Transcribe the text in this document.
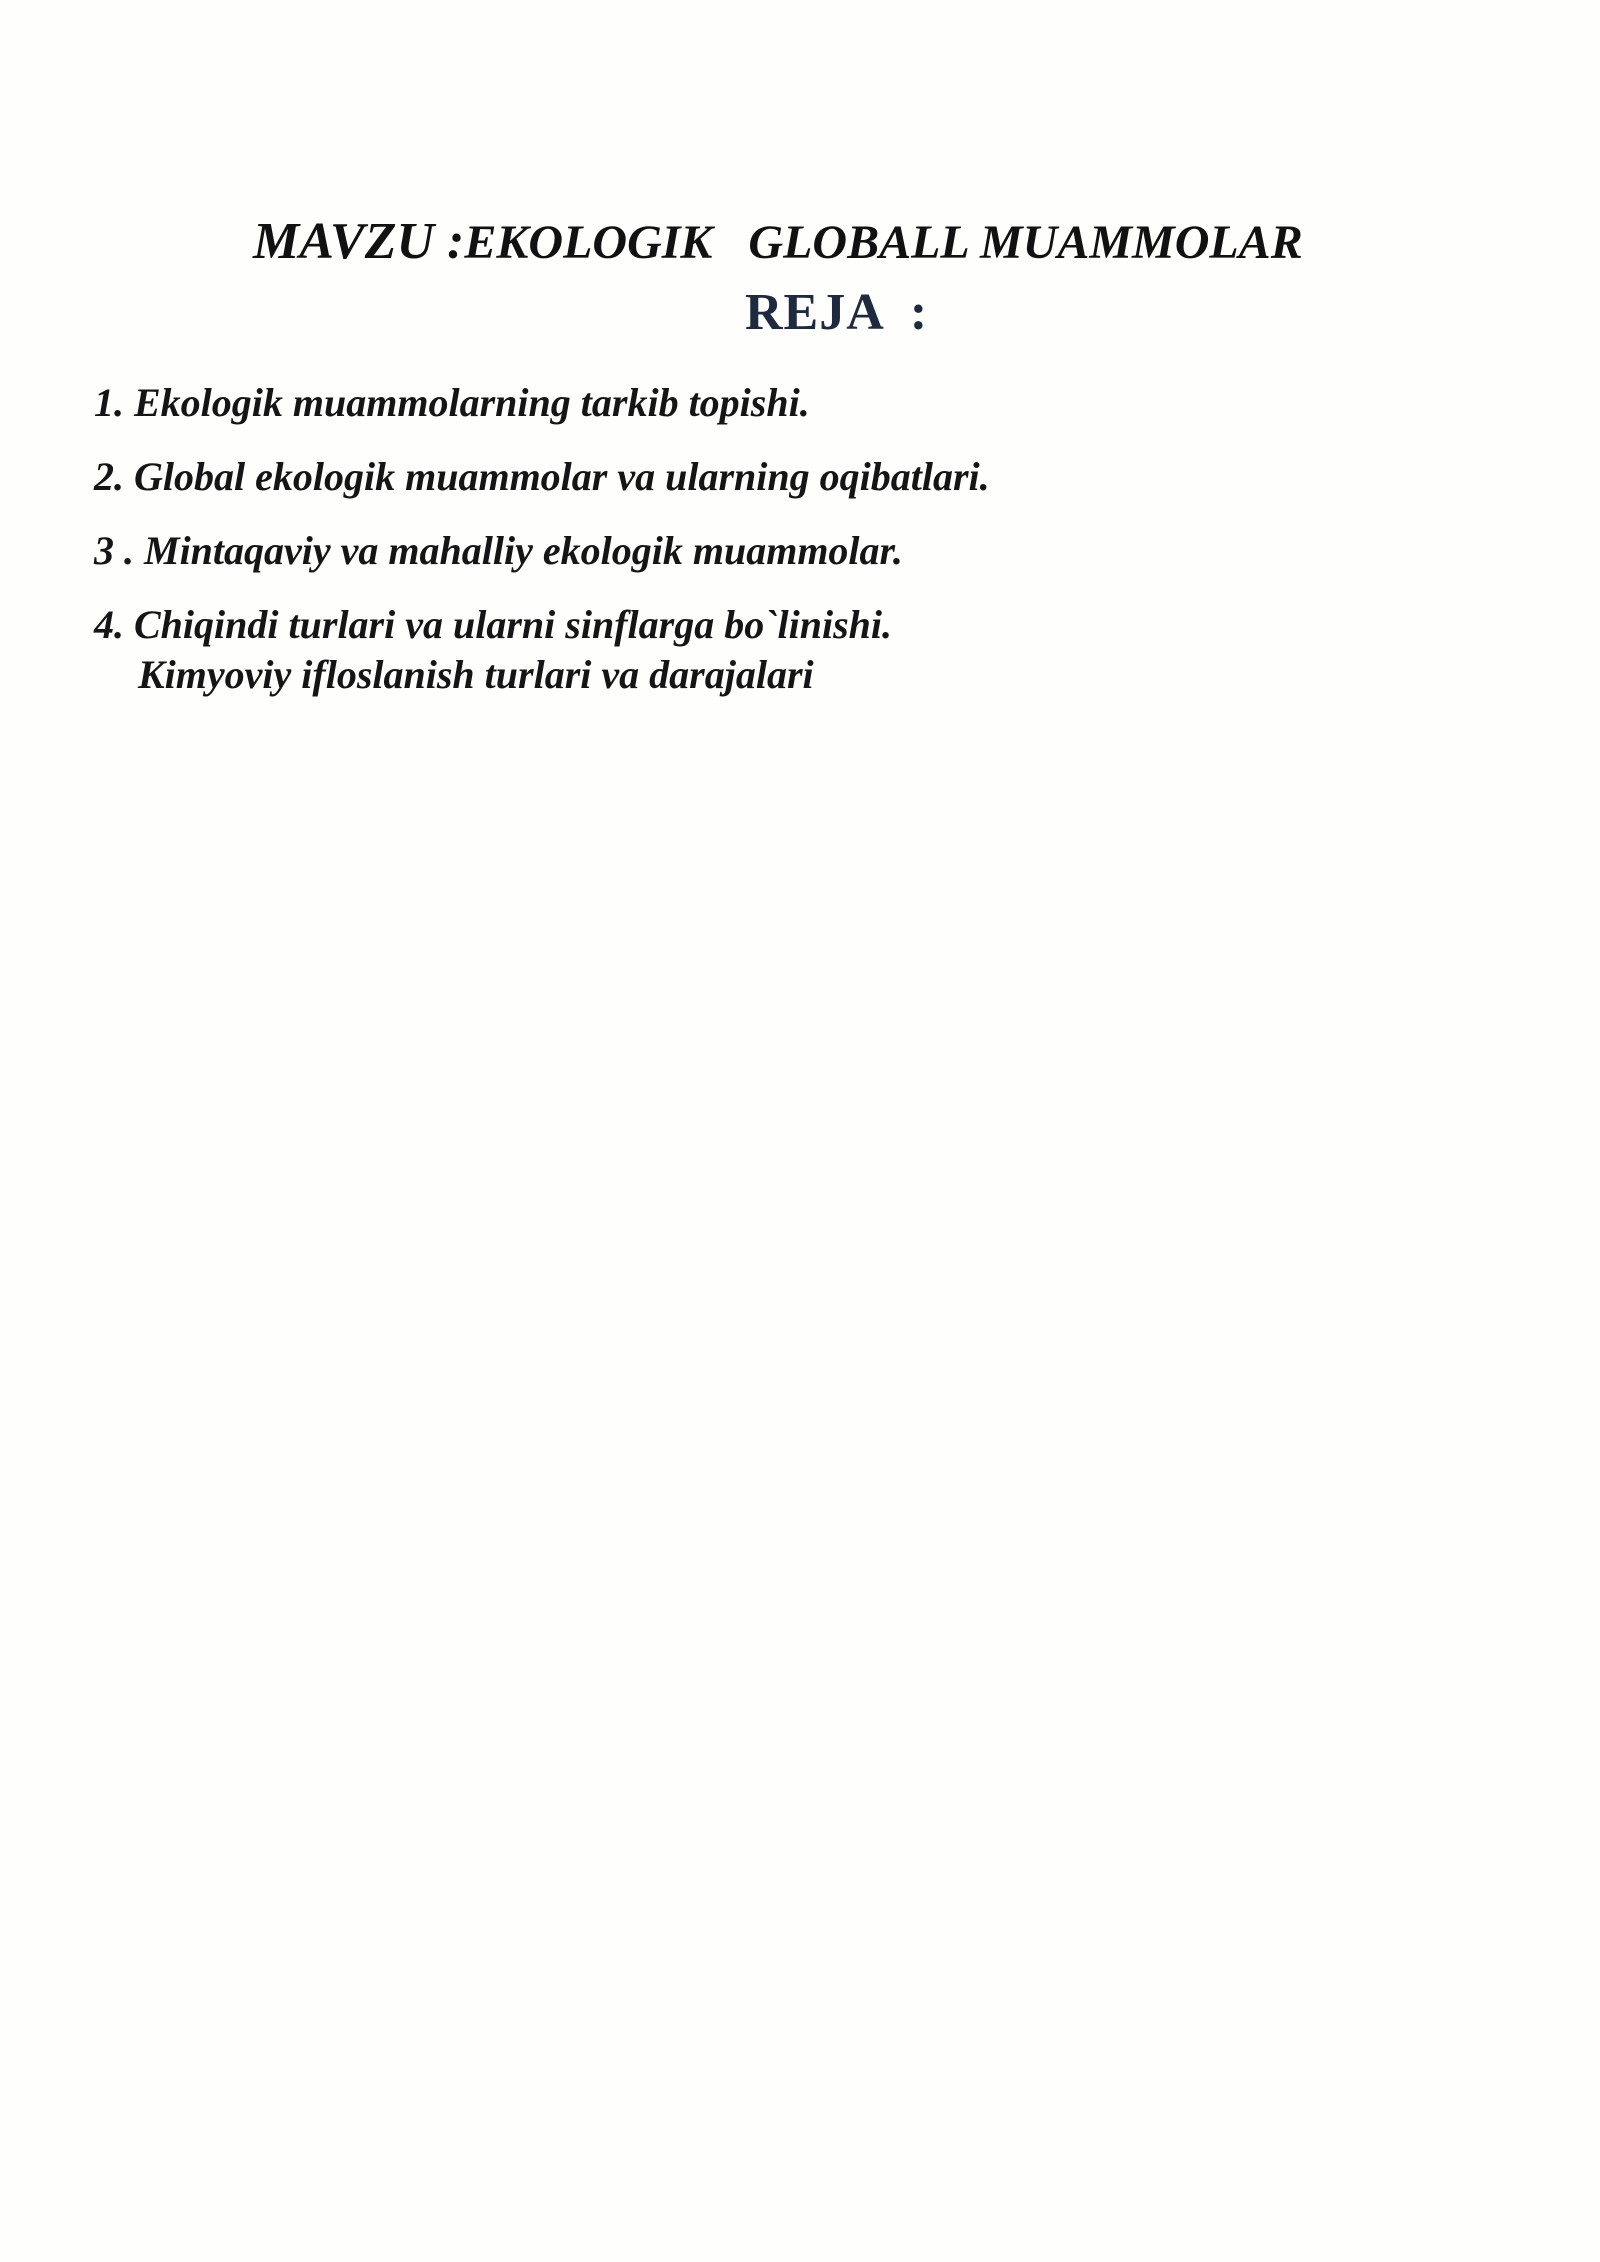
MAVZU :EKOLOGIK   GLOBALL MUAMMOLAR
REJA  :
1. Ekologik muammolarning tarkib topishi.
2. Global ekologik muammolar va ularning oqibatlari.
3 . Mintaqaviy va mahalliy ekologik muammolar.
4. Chiqindi turlari va ularni sinflarga bo`linishi.
Kimyoviy ifloslanish turlari va darajalari
